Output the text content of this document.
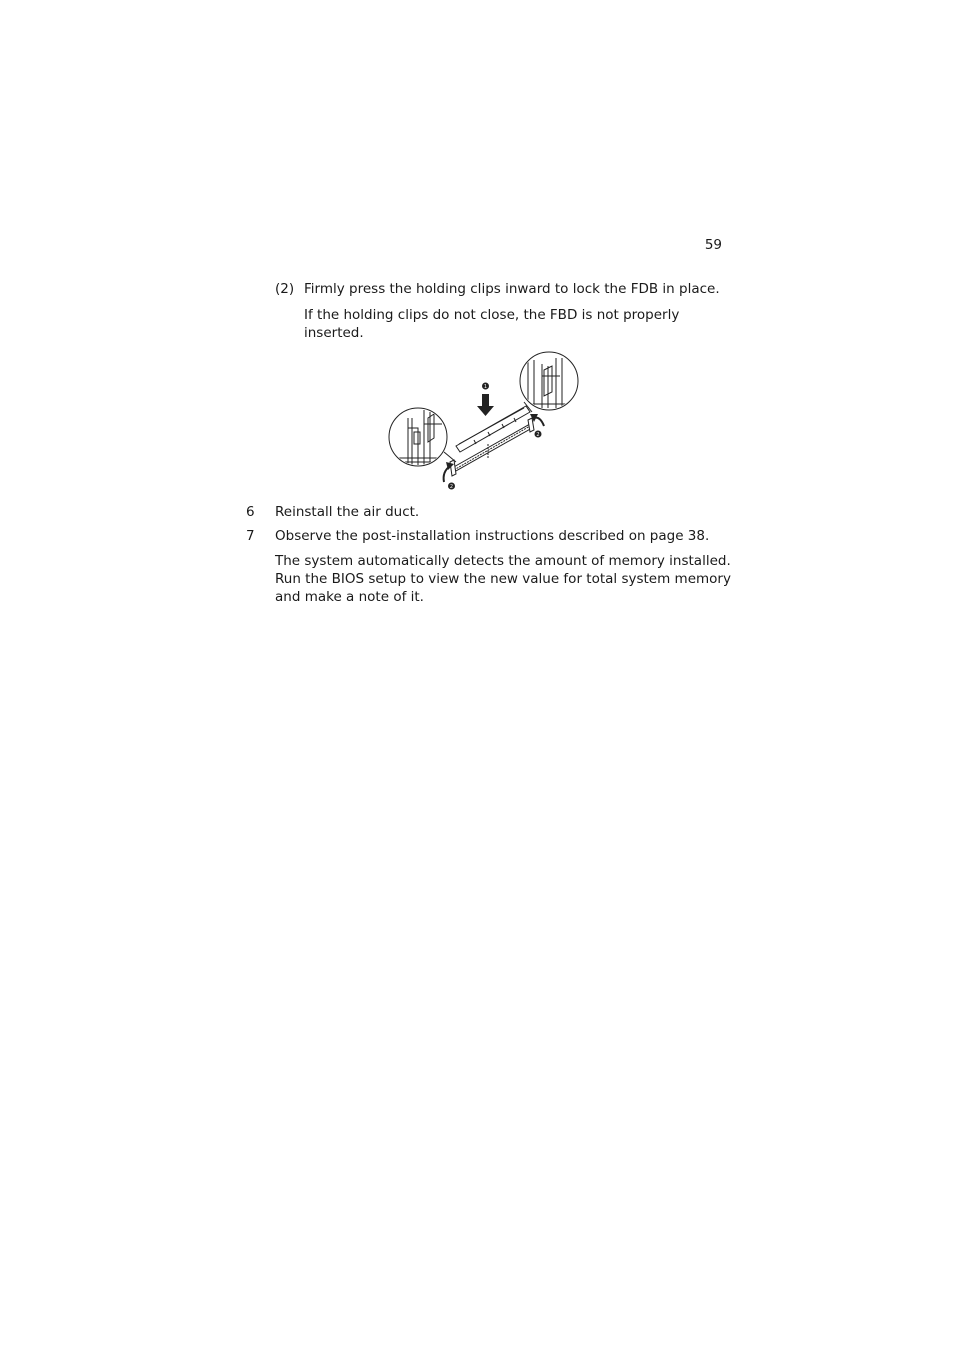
59
(2) Firmly press the holding clips inward to lock the FDB in place.
If the holding clips do not close, the FBD is not properly
inserted.
1
2
2
6 Reinstall the air duct.
7 Observe the post-installation instructions described on page 38.
The system automatically detects the amount of memory installed.
Run the BIOS setup to view the new value for total system memory
and make a note of it.
